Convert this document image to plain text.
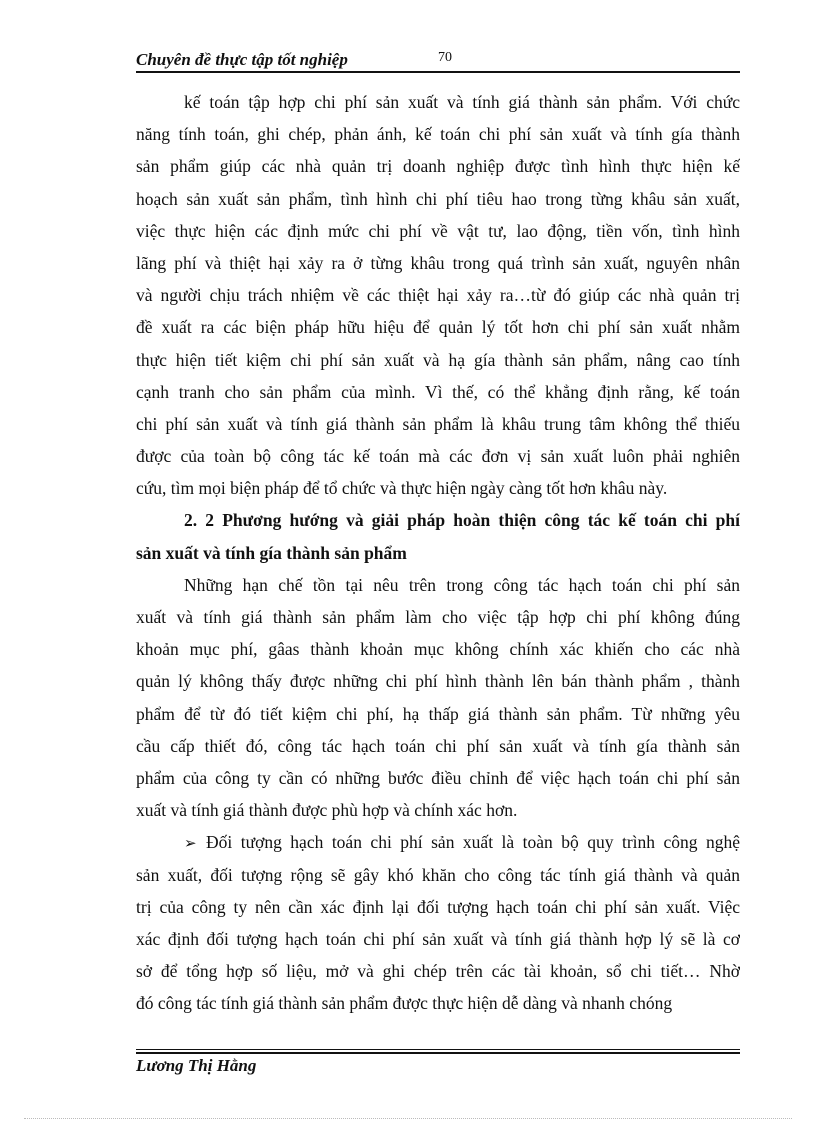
Chuyên đề thực tập tốt nghiệp	70

kế toán tập hợp chi phí sản xuất và tính giá thành sản phẩm. Với chức
năng tính toán, ghi chép, phản ánh, kế toán chi phí sản xuất và tính gía thành
sản phẩm giúp các nhà quản trị doanh nghiệp được tình hình thực hiện kế
hoạch sản xuất sản phẩm, tình hình chi phí tiêu hao trong từng khâu sản xuất,
việc thực hiện các định mức chi phí về vật tư, lao động, tiền vốn, tình hình
lãng phí và thiệt hại xảy ra ở từng khâu trong quá trình sản xuất, nguyên nhân
và người chịu trách nhiệm về các thiệt hại xảy ra…từ đó giúp các nhà quản trị
đề xuất ra các biện pháp hữu hiệu để quản lý tốt hơn chi phí sản xuất nhằm
thực hiện tiết kiệm chi phí sản xuất và hạ gía thành sản phẩm, nâng cao tính
cạnh tranh cho sản phẩm của mình. Vì thế, có thể khẳng định rằng, kế toán
chi phí sản xuất và tính giá thành sản phẩm là khâu trung tâm không thể thiếu
được của toàn bộ công tác kế toán mà các đơn vị sản xuất luôn phải nghiên
cứu, tìm mọi biện pháp để tổ chức và thực hiện ngày càng tốt hơn khâu này.

2. 2 Phương hướng và giải pháp hoàn thiện công tác kế toán chi phí
sản xuất và tính gía thành sản phẩm

Những hạn chế tồn tại nêu trên trong công tác hạch toán chi phí sản
xuất và tính giá thành sản phẩm làm cho việc tập hợp chi phí không đúng
khoản mục phí, gâas thành khoản mục không chính xác khiến cho các nhà
quản lý không thấy được những chi phí hình thành lên bán thành phẩm , thành
phẩm để từ đó tiết kiệm chi phí, hạ thấp giá thành sản phẩm. Từ những yêu
cầu cấp thiết đó, công tác hạch toán chi phí sản xuất và tính gía thành sản
phẩm của công ty cần có những bước điều chỉnh để việc hạch toán chi phí sản
xuất và tính giá thành được phù hợp và chính xác hơn.

➢ Đối tượng hạch toán chi phí sản xuất là toàn bộ quy trình công nghệ
sản xuất, đối tượng rộng sẽ gây khó khăn cho công tác tính giá thành và quản
trị của công ty nên cần xác định lại đối tượng hạch toán chi phí sản xuất. Việc
xác định đối tượng hạch toán chi phí sản xuất và tính giá thành hợp lý sẽ là cơ
sở để tổng hợp số liệu, mở và ghi chép trên các tài khoản, sổ chi tiết… Nhờ
đó công tác tính giá thành sản phẩm được thực hiện dễ dàng và nhanh chóng

Lương Thị Hằng
